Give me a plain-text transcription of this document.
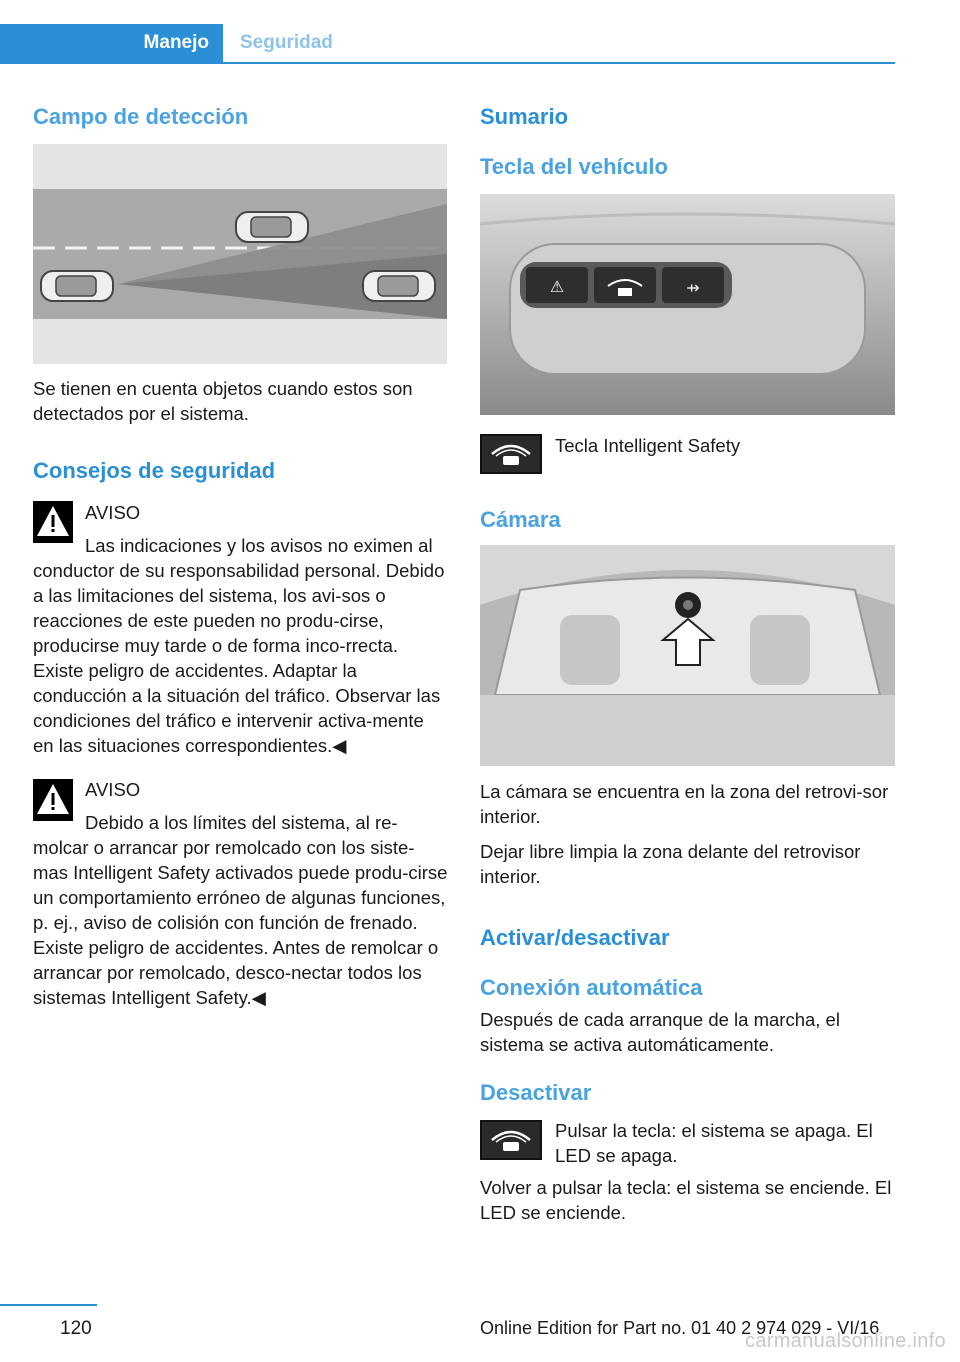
Manejo	Seguridad
Campo de detección

Se tienen en cuenta objetos cuando estos son detectados por el sistema.

Consejos de seguridad

AVISO

Las indicaciones y los avisos no eximen al conductor de su responsabilidad personal. Debido a las limitaciones del sistema, los avi‐sos o reacciones de este pueden no produ‐cirse, producirse muy tarde o de forma inco‐rrecta. Existe peligro de accidentes. Adaptar la conducción a la situación del tráfico. Observar las condiciones del tráfico e intervenir activa‐mente en las situaciones correspondientes.◀

AVISO

Debido a los límites del sistema, al re‐molcar o arrancar por remolcado con los siste‐mas Intelligent Safety activados puede produ‐cirse un comportamiento erróneo de algunas funciones, p. ej., aviso de colisión con función de frenado. Existe peligro de accidentes. Antes de remolcar o arrancar por remolcado, desco‐nectar todos los sistemas Intelligent Safety.◀

Sumario
Tecla del vehículo
⚠	⇸

Tecla Intelligent Safety

Cámara

La cámara se encuentra en la zona del retrovi‐sor interior.

Dejar libre limpia la zona delante del retrovisor interior.

Activar/desactivar
Conexión automática

Después de cada arranque de la marcha, el sistema se activa automáticamente.

Desactivar

Pulsar la tecla: el sistema se apaga. El LED se apaga.

Volver a pulsar la tecla: el sistema se enciende. El LED se enciende.

120	Online Edition for Part no. 01 40 2 974 029 - VI/16
carmanualsonline.info
